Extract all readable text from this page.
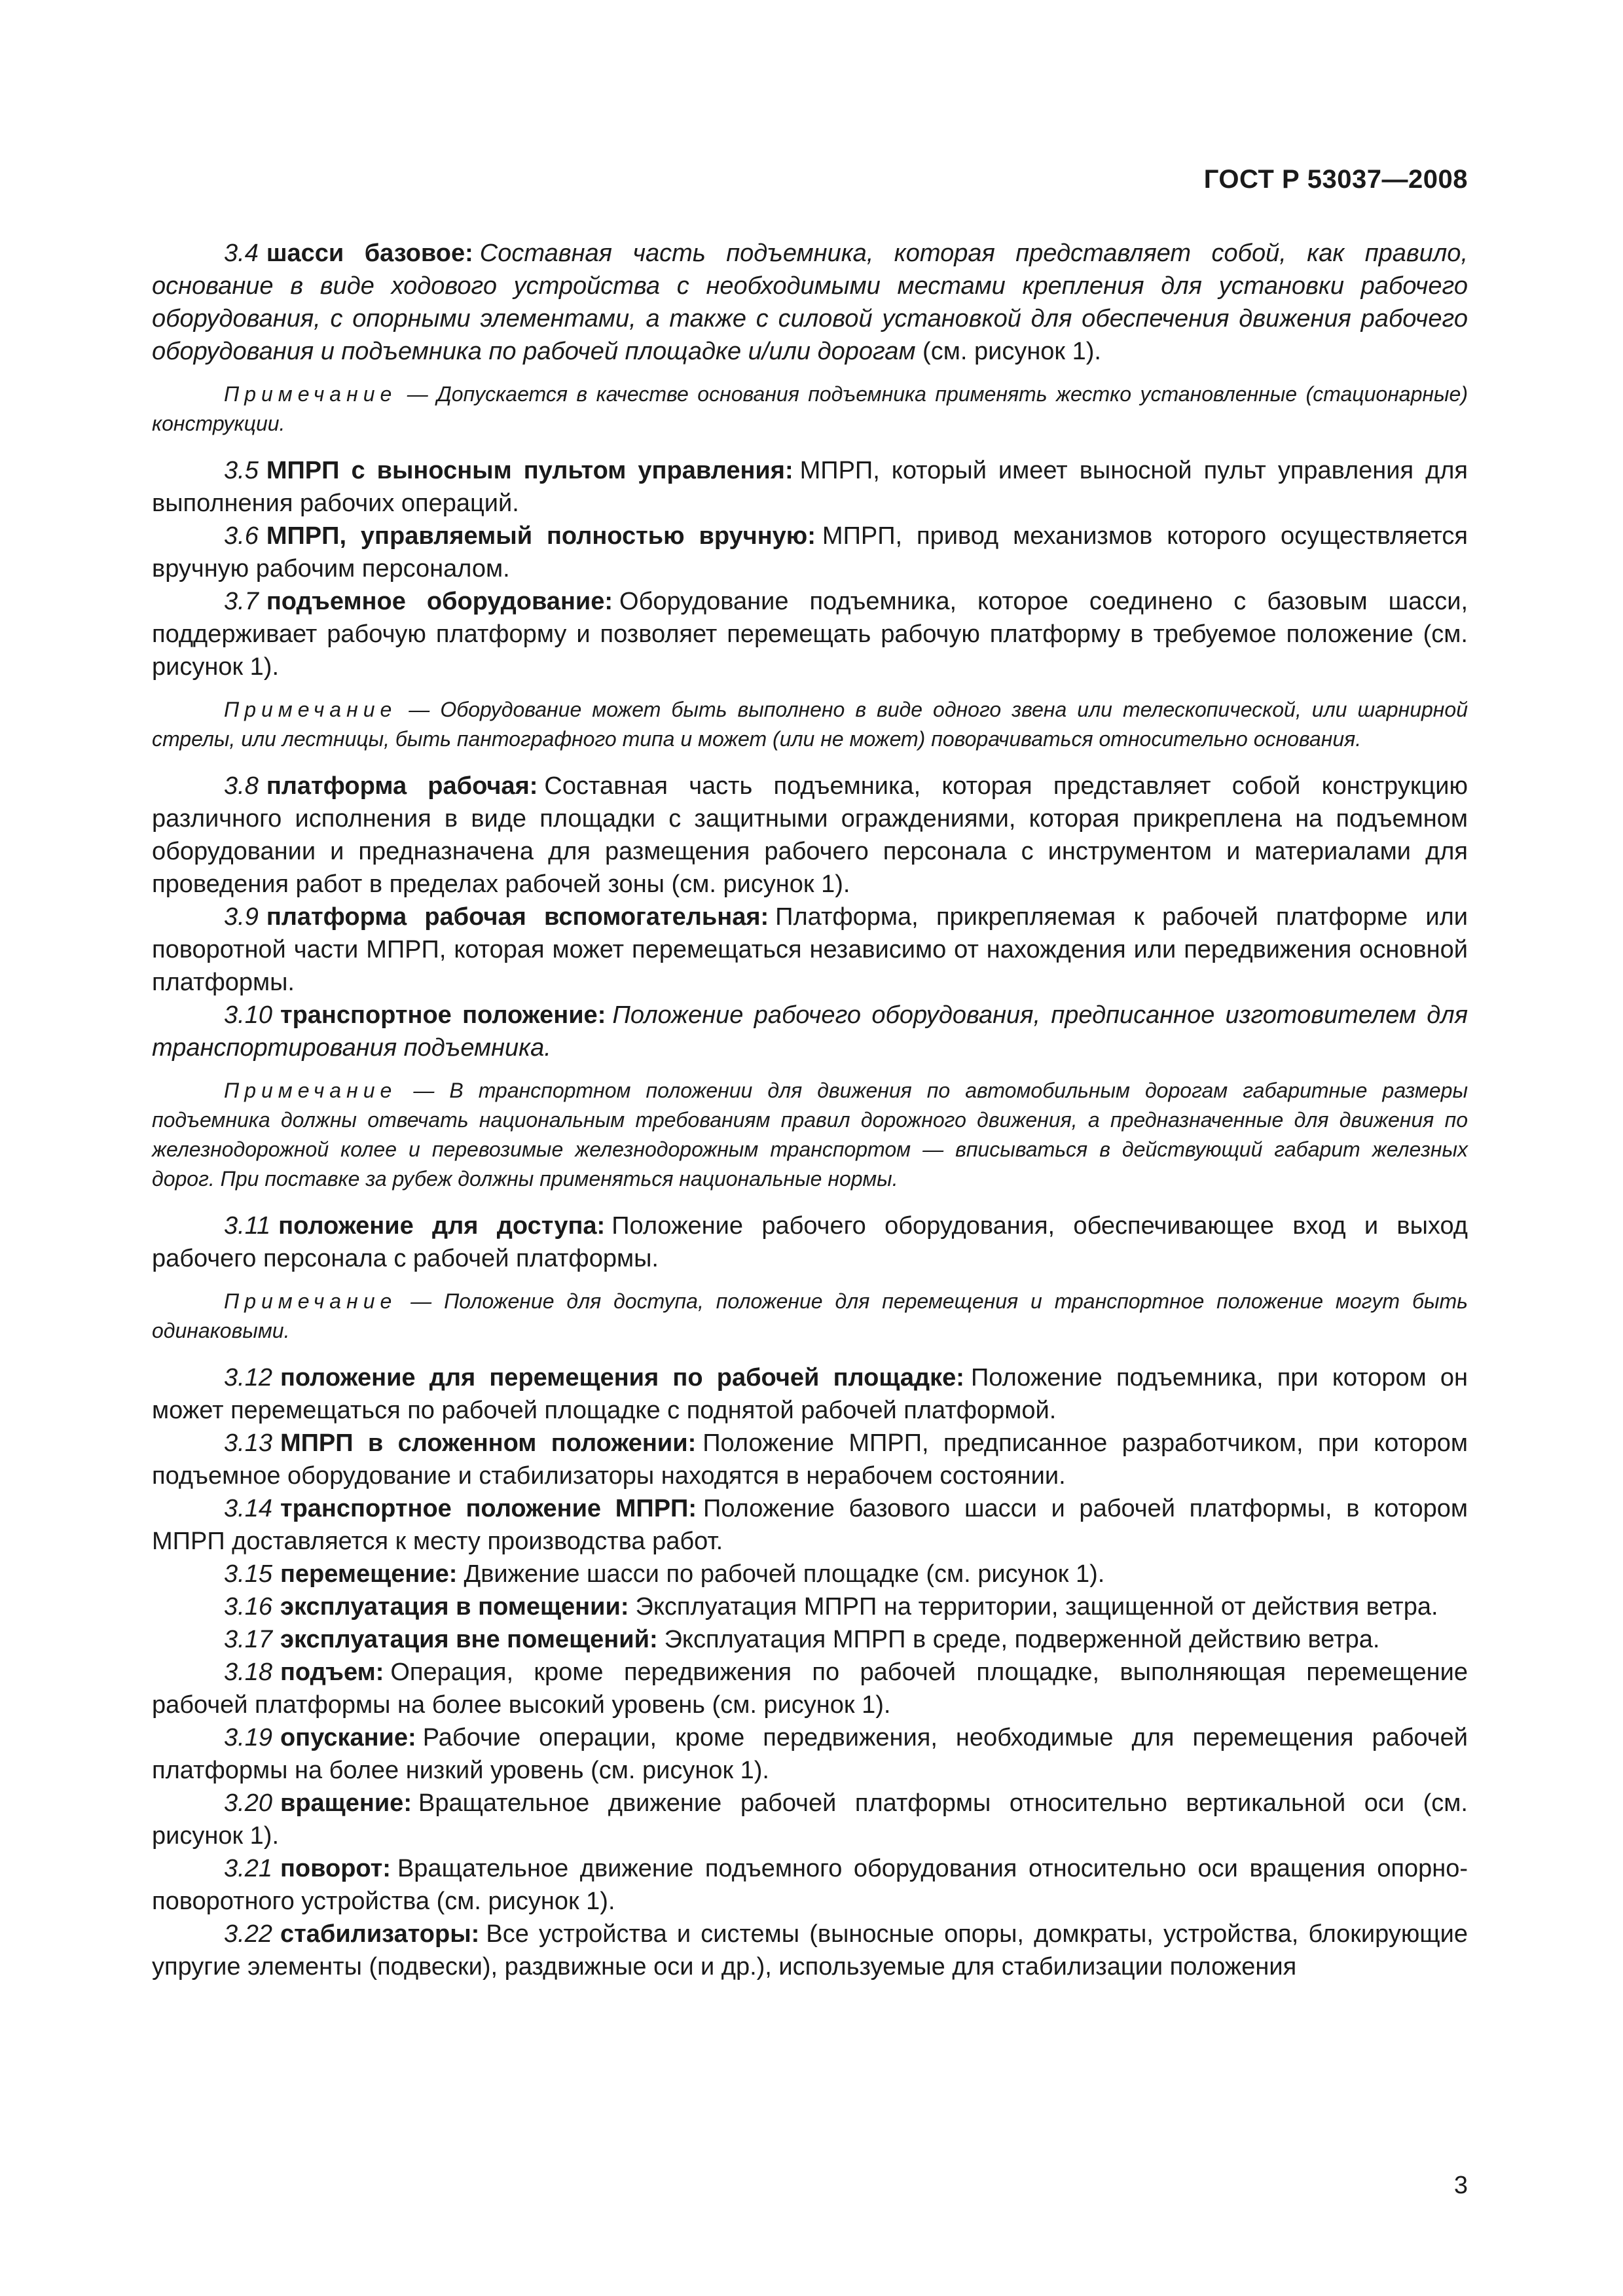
ГОСТ Р 53037—2008

3.4 шасси базовое: Составная часть подъемника, которая представляет собой, как правило, основание в виде ходового устройства с необходимыми местами крепления для установки рабочего оборудования, с опорными элементами, а также с силовой установкой для обеспечения движения рабочего оборудования и подъемника по рабочей площадке и/или дорогам (см. рисунок 1).

Примечание — Допускается в качестве основания подъемника применять жестко установленные (стационарные) конструкции.

3.5 МПРП с выносным пультом управления: МПРП, который имеет выносной пульт управления для выполнения рабочих операций.

3.6 МПРП, управляемый полностью вручную: МПРП, привод механизмов которого осуществляется вручную рабочим персоналом.

3.7 подъемное оборудование: Оборудование подъемника, которое соединено с базовым шасси, поддерживает рабочую платформу и позволяет перемещать рабочую платформу в требуемое положение (см. рисунок 1).

Примечание — Оборудование может быть выполнено в виде одного звена или телескопической, или шарнирной стрелы, или лестницы, быть пантографного типа и может (или не может) поворачиваться относительно основания.

3.8 платформа рабочая: Составная часть подъемника, которая представляет собой конструкцию различного исполнения в виде площадки с защитными ограждениями, которая прикреплена на подъемном оборудовании и предназначена для размещения рабочего персонала с инструментом и материалами для проведения работ в пределах рабочей зоны (см. рисунок 1).

3.9 платформа рабочая вспомогательная: Платформа, прикрепляемая к рабочей платформе или поворотной части МПРП, которая может перемещаться независимо от нахождения или передвижения основной платформы.

3.10 транспортное положение: Положение рабочего оборудования, предписанное изготовителем для транспортирования подъемника.

Примечание — В транспортном положении для движения по автомобильным дорогам габаритные размеры подъемника должны отвечать национальным требованиям правил дорожного движения, а предназначенные для движения по железнодорожной колее и перевозимые железнодорожным транспортом — вписываться в действующий габарит железных дорог. При поставке за рубеж должны применяться национальные нормы.

3.11 положение для доступа: Положение рабочего оборудования, обеспечивающее вход и выход рабочего персонала с рабочей платформы.

Примечание — Положение для доступа, положение для перемещения и транспортное положение могут быть одинаковыми.

3.12 положение для перемещения по рабочей площадке: Положение подъемника, при котором он может перемещаться по рабочей площадке с поднятой рабочей платформой.

3.13 МПРП в сложенном положении: Положение МПРП, предписанное разработчиком, при котором подъемное оборудование и стабилизаторы находятся в нерабочем состоянии.

3.14 транспортное положение МПРП: Положение базового шасси и рабочей платформы, в котором МПРП доставляется к месту производства работ.

3.15 перемещение: Движение шасси по рабочей площадке (см. рисунок 1).

3.16 эксплуатация в помещении: Эксплуатация МПРП на территории, защищенной от действия ветра.

3.17 эксплуатация вне помещений: Эксплуатация МПРП в среде, подверженной действию ветра.

3.18 подъем: Операция, кроме передвижения по рабочей площадке, выполняющая перемещение рабочей платформы на более высокий уровень (см. рисунок 1).

3.19 опускание: Рабочие операции, кроме передвижения, необходимые для перемещения рабочей платформы на более низкий уровень (см. рисунок 1).

3.20 вращение: Вращательное движение рабочей платформы относительно вертикальной оси (см. рисунок 1).

3.21 поворот: Вращательное движение подъемного оборудования относительно оси вращения опорно-поворотного устройства (см. рисунок 1).

3.22 стабилизаторы: Все устройства и системы (выносные опоры, домкраты, устройства, блокирующие упругие элементы (подвески), раздвижные оси и др.), используемые для стабилизации положения

3
